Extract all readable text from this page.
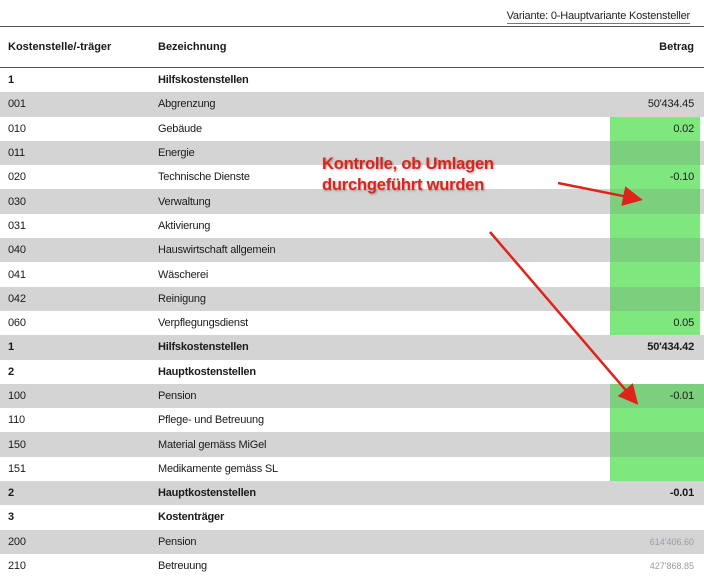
Variante: 0-Hauptvariante Kostensteller
Kostenstelle/-träger	Bezeichnung	Betrag
1	Hilfskostenstellen
001	Abgrenzung	50'434.45
010	Gebäude	0.02
011	Energie
020	Technische Dienste	-0.10
030	Verwaltung
031	Aktivierung
040	Hauswirtschaft allgemein
041	Wäscherei
042	Reinigung
060	Verpflegungsdienst	0.05
1	Hilfskostenstellen	50'434.42
2	Hauptkostenstellen
100	Pension	-0.01
110	Pflege- und Betreuung
150	Material gemäss MiGel
151	Medikamente gemäss SL
2	Hauptkostenstellen	-0.01
3	Kostenträger
200	Pension	614'406.60
210	Betreuung	427'868.85
Kontrolle, ob Umlagen
durchgeführt wurden
